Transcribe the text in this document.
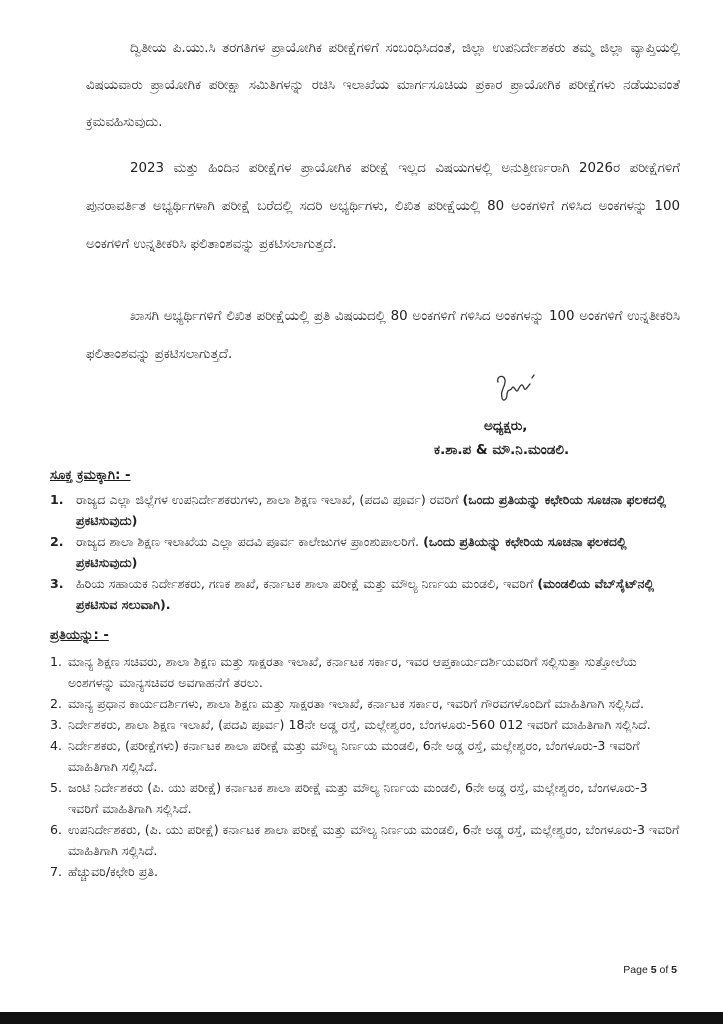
ದ್ವಿತೀಯ ಪಿ.ಯು.ಸಿ ತರಗತಿಗಳ ಪ್ರಾಯೋಗಿಕ ಪರೀಕ್ಷೆಗಳಿಗೆ ಸಂಬಂಧಿಸಿದಂತೆ, ಜಿಲ್ಲಾ ಉಪನಿರ್ದೇಶಕರು ತಮ್ಮ ಜಿಲ್ಲಾ ವ್ಯಾಪ್ತಿಯಲ್ಲಿ ವಿಷಯವಾರು ಪ್ರಾಯೋಗಿಕ ಪರೀಕ್ಷಾ ಸಮಿತಿಗಳನ್ನು ರಚಿಸಿ ಇಲಾಖೆಯ ಮಾರ್ಗಸೂಚಿಯ ಪ್ರಕಾರ ಪ್ರಾಯೋಗಿಕ ಪರೀಕ್ಷೆಗಳು ನಡೆಯುವಂತೆ ಕ್ರಮವಹಿಸುವುದು.

2023 ಮತ್ತು ಹಿಂದಿನ ಪರೀಕ್ಷೆಗಳ ಪ್ರಾಯೋಗಿಕ ಪರೀಕ್ಷೆ ಇಲ್ಲದ ವಿಷಯಗಳಲ್ಲಿ ಅನುತ್ತೀರ್ಣರಾಗಿ 2026ರ ಪರೀಕ್ಷೆಗಳಿಗೆ ಪುನರಾವರ್ತಿತ ಅಭ್ಯರ್ಥಿಗಳಾಗಿ ಪರೀಕ್ಷೆ ಬರೆದಲ್ಲಿ ಸದರಿ ಅಭ್ಯರ್ಥಿಗಳು, ಲಿಖಿತ ಪರೀಕ್ಷೆಯಲ್ಲಿ 80 ಅಂಕಗಳಿಗೆ ಗಳಿಸಿದ ಅಂಕಗಳನ್ನು 100 ಅಂಕಗಳಿಗೆ ಉನ್ನತೀಕರಿಸಿ ಫಲಿತಾಂಶವನ್ನು ಪ್ರಕಟಿಸಲಾಗುತ್ತದೆ.

ಖಾಸಗಿ ಅಭ್ಯರ್ಥಿಗಳಿಗೆ ಲಿಖಿತ ಪರೀಕ್ಷೆಯಲ್ಲಿ ಪ್ರತಿ ವಿಷಯದಲ್ಲಿ 80 ಅಂಕಗಳಿಗೆ ಗಳಿಸಿದ ಅಂಕಗಳನ್ನು 100 ಅಂಕಗಳಿಗೆ ಉನ್ನತೀಕರಿಸಿ ಫಲಿತಾಂಶವನ್ನು ಪ್ರಕಟಿಸಲಾಗುತ್ತದೆ.

ಅಧ್ಯಕ್ಷರು,
ಕ.ಶಾ.ಪ & ಮೌ.ನಿ.ಮಂಡಲಿ.
ಸೂಕ್ತ ಕ್ರಮಕ್ಕಾಗಿ: -
1. ರಾಜ್ಯದ ಎಲ್ಲಾ ಜಿಲ್ಲೆಗಳ ಉಪನಿರ್ದೇಶಕರುಗಳು, ಶಾಲಾ ಶಿಕ್ಷಣ ಇಲಾಖೆ, (ಪದವಿ ಪೂರ್ವ) ರವರಿಗೆ (ಒಂದು ಪ್ರತಿಯನ್ನು ಕಛೇರಿಯ ಸೂಚನಾ ಫಲಕದಲ್ಲಿ ಪ್ರಕಟಿಸುವುದು)
2. ರಾಜ್ಯದ ಶಾಲಾ ಶಿಕ್ಷಣ ಇಲಾಖೆಯ ಎಲ್ಲಾ ಪದವಿ ಪೂರ್ವ ಕಾಲೇಜುಗಳ ಪ್ರಾಂಶುಪಾಲರಿಗೆ. (ಒಂದು ಪ್ರತಿಯನ್ನು ಕಛೇರಿಯ ಸೂಚನಾ ಫಲಕದಲ್ಲಿ ಪ್ರಕಟಿಸುವುದು)
3. ಹಿರಿಯ ಸಹಾಯಕ ನಿರ್ದೇಶಕರು, ಗಣಕ ಶಾಖೆ, ಕರ್ನಾಟಕ ಶಾಲಾ ಪರೀಕ್ಷೆ ಮತ್ತು ಮೌಲ್ಯ ನಿರ್ಣಯ ಮಂಡಲಿ, ಇವರಿಗೆ (ಮಂಡಲಿಯ ವೆಬ್‌ಸೈಟ್‌ನಲ್ಲಿ ಪ್ರಕಟಿಸುವ ಸಲುವಾಗಿ).
ಪ್ರತಿಯನ್ನು: -
1. ಮಾನ್ಯ ಶಿಕ್ಷಣ ಸಚಿವರು, ಶಾಲಾ ಶಿಕ್ಷಣ ಮತ್ತು ಸಾಕ್ಷರತಾ ಇಲಾಖೆ, ಕರ್ನಾಟಕ ಸರ್ಕಾರ, ಇವರ ಆಪ್ತಕಾರ್ಯದರ್ಶಿಯವರಿಗೆ ಸಲ್ಲಿಸುತ್ತಾ ಸುತ್ತೋಲೆಯ ಅಂಶಗಳನ್ನು ಮಾನ್ಯಸಚಿವರ ಅವಗಾಹನೆಗೆ ತರಲು.
2. ಮಾನ್ಯ ಪ್ರಧಾನ ಕಾರ್ಯದರ್ಶಿಗಳು, ಶಾಲಾ ಶಿಕ್ಷಣ ಮತ್ತು ಸಾಕ್ಷರತಾ ಇಲಾಖೆ, ಕರ್ನಾಟಕ ಸರ್ಕಾರ, ಇವರಿಗೆ ಗೌರವಗಳೊಂದಿಗೆ ಮಾಹಿತಿಗಾಗಿ ಸಲ್ಲಿಸಿದೆ.
3. ನಿರ್ದೇಶಕರು, ಶಾಲಾ ಶಿಕ್ಷಣ ಇಲಾಖೆ, (ಪದವಿ ಪೂರ್ವ) 18ನೇ ಅಡ್ಡ ರಸ್ತೆ, ಮಲ್ಲೇಶ್ವರಂ, ಬೆಂಗಳೂರು-560 012 ಇವರಿಗೆ ಮಾಹಿತಿಗಾಗಿ ಸಲ್ಲಿಸಿದೆ.
4. ನಿರ್ದೇಶಕರು, (ಪರೀಕ್ಷೆಗಳು) ಕರ್ನಾಟಕ ಶಾಲಾ ಪರೀಕ್ಷೆ ಮತ್ತು ಮೌಲ್ಯ ನಿರ್ಣಯ ಮಂಡಲಿ, 6ನೇ ಅಡ್ಡ ರಸ್ತೆ, ಮಲ್ಲೇಶ್ವರಂ, ಬೆಂಗಳೂರು-3 ಇವರಿಗೆ ಮಾಹಿತಿಗಾಗಿ ಸಲ್ಲಿಸಿದೆ.
5. ಜಂಟಿ ನಿರ್ದೇಶಕರು (ಪಿ. ಯು ಪರೀಕ್ಷೆ) ಕರ್ನಾಟಕ ಶಾಲಾ ಪರೀಕ್ಷೆ ಮತ್ತು ಮೌಲ್ಯ ನಿರ್ಣಯ ಮಂಡಲಿ, 6ನೇ ಅಡ್ಡ ರಸ್ತೆ, ಮಲ್ಲೇಶ್ವರಂ, ಬೆಂಗಳೂರು-3 ಇವರಿಗೆ ಮಾಹಿತಿಗಾಗಿ ಸಲ್ಲಿಸಿದೆ.
6. ಉಪನಿರ್ದೇಶಕರು, (ಪಿ. ಯು ಪರೀಕ್ಷೆ) ಕರ್ನಾಟಕ ಶಾಲಾ ಪರೀಕ್ಷೆ ಮತ್ತು ಮೌಲ್ಯ ನಿರ್ಣಯ ಮಂಡಲಿ, 6ನೇ ಅಡ್ಡ ರಸ್ತೆ, ಮಲ್ಲೇಶ್ವರಂ, ಬೆಂಗಳೂರು-3 ಇವರಿಗೆ ಮಾಹಿತಿಗಾಗಿ ಸಲ್ಲಿಸಿದೆ.
7. ಹೆಚ್ಚುವರಿ/ಕಛೇರಿ ಪ್ರತಿ.
Page 5 of 5
